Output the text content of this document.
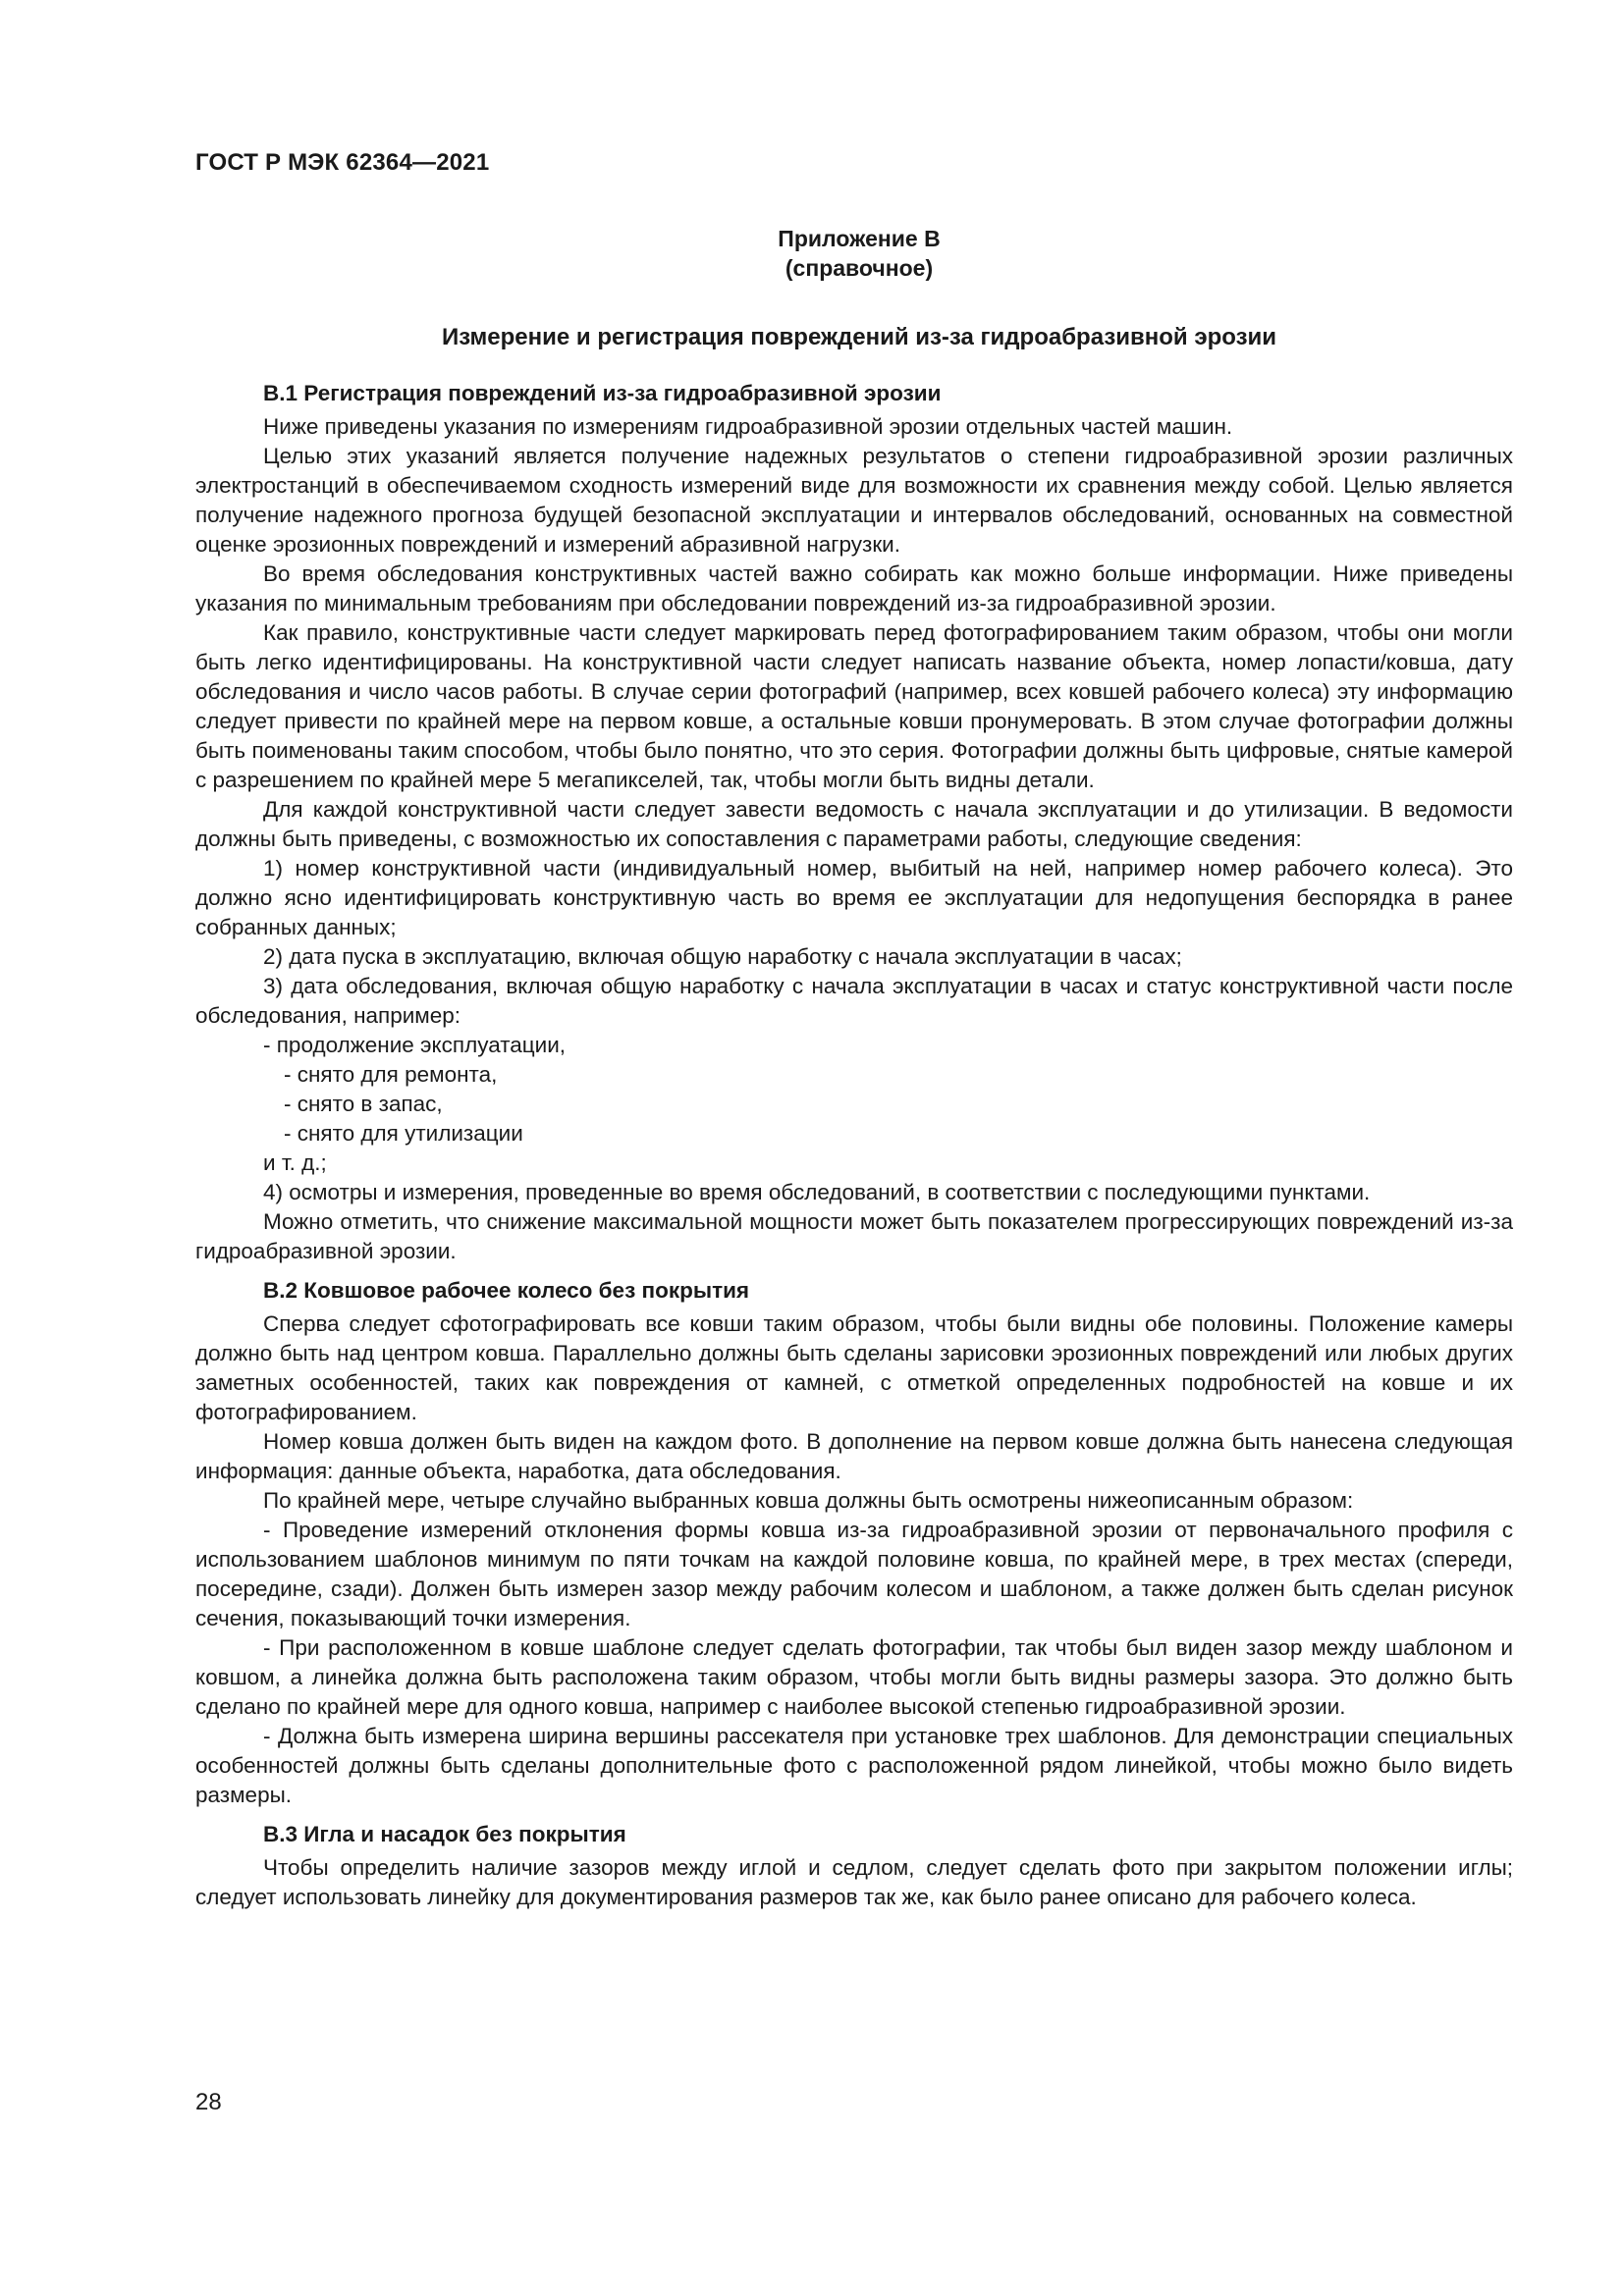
ГОСТ Р МЭК 62364—2021

Приложение В

(справочное)

Измерение и регистрация повреждений из-за гидроабразивной эрозии

В.1 Регистрация повреждений из-за гидроабразивной эрозии

Ниже приведены указания по измерениям гидроабразивной эрозии отдельных частей машин.

Целью этих указаний является получение надежных результатов о степени гидроабразивной эрозии различных электростанций в обеспечиваемом сходность измерений виде для возможности их сравнения между собой. Целью является получение надежного прогноза будущей безопасной эксплуатации и интервалов обследований, основанных на совместной оценке эрозионных повреждений и измерений абразивной нагрузки.

Во время обследования конструктивных частей важно собирать как можно больше информации. Ниже приведены указания по минимальным требованиям при обследовании повреждений из-за гидроабразивной эрозии.

Как правило, конструктивные части следует маркировать перед фотографированием таким образом, чтобы они могли быть легко идентифицированы. На конструктивной части следует написать название объекта, номер лопасти/ковша, дату обследования и число часов работы. В случае серии фотографий (например, всех ковшей рабочего колеса) эту информацию следует привести по крайней мере на первом ковше, а остальные ковши пронумеровать. В этом случае фотографии должны быть поименованы таким способом, чтобы было понятно, что это серия. Фотографии должны быть цифровые, снятые камерой с разрешением по крайней мере 5 мегапикселей, так, чтобы могли быть видны детали.

Для каждой конструктивной части следует завести ведомость с начала эксплуатации и до утилизации. В ведомости должны быть приведены, с возможностью их сопоставления с параметрами работы, следующие сведения:

1) номер конструктивной части (индивидуальный номер, выбитый на ней, например номер рабочего колеса). Это должно ясно идентифицировать конструктивную часть во время ее эксплуатации для недопущения беспорядка в ранее собранных данных;

2) дата пуска в эксплуатацию, включая общую наработку с начала эксплуатации в часах;

3) дата обследования, включая общую наработку с начала эксплуатации в часах и статус конструктивной части после обследования, например:

- продолжение эксплуатации,

- снято для ремонта,

- снято в запас,

- снято для утилизации

и т. д.;

4) осмотры и измерения, проведенные во время обследований, в соответствии с последующими пунктами.

Можно отметить, что снижение максимальной мощности может быть показателем прогрессирующих повреждений из-за гидроабразивной эрозии.

В.2 Ковшовое рабочее колесо без покрытия

Сперва следует сфотографировать все ковши таким образом, чтобы были видны обе половины. Положение камеры должно быть над центром ковша. Параллельно должны быть сделаны зарисовки эрозионных повреждений или любых других заметных особенностей, таких как повреждения от камней, с отметкой определенных подробностей на ковше и их фотографированием.

Номер ковша должен быть виден на каждом фото. В дополнение на первом ковше должна быть нанесена следующая информация: данные объекта, наработка, дата обследования.

По крайней мере, четыре случайно выбранных ковша должны быть осмотрены нижеописанным образом:

- Проведение измерений отклонения формы ковша из-за гидроабразивной эрозии от первоначального профиля с использованием шаблонов минимум по пяти точкам на каждой половине ковша, по крайней мере, в трех местах (спереди, посередине, сзади). Должен быть измерен зазор между рабочим колесом и шаблоном, а также должен быть сделан рисунок сечения, показывающий точки измерения.

- При расположенном в ковше шаблоне следует сделать фотографии, так чтобы был виден зазор между шаблоном и ковшом, а линейка должна быть расположена таким образом, чтобы могли быть видны размеры зазора. Это должно быть сделано по крайней мере для одного ковша, например с наиболее высокой степенью гидроабразивной эрозии.

- Должна быть измерена ширина вершины рассекателя при установке трех шаблонов. Для демонстрации специальных особенностей должны быть сделаны дополнительные фото с расположенной рядом линейкой, чтобы можно было видеть размеры.

В.3 Игла и насадок без покрытия

Чтобы определить наличие зазоров между иглой и седлом, следует сделать фото при закрытом положении иглы; следует использовать линейку для документирования размеров так же, как было ранее описано для рабочего колеса.

28
